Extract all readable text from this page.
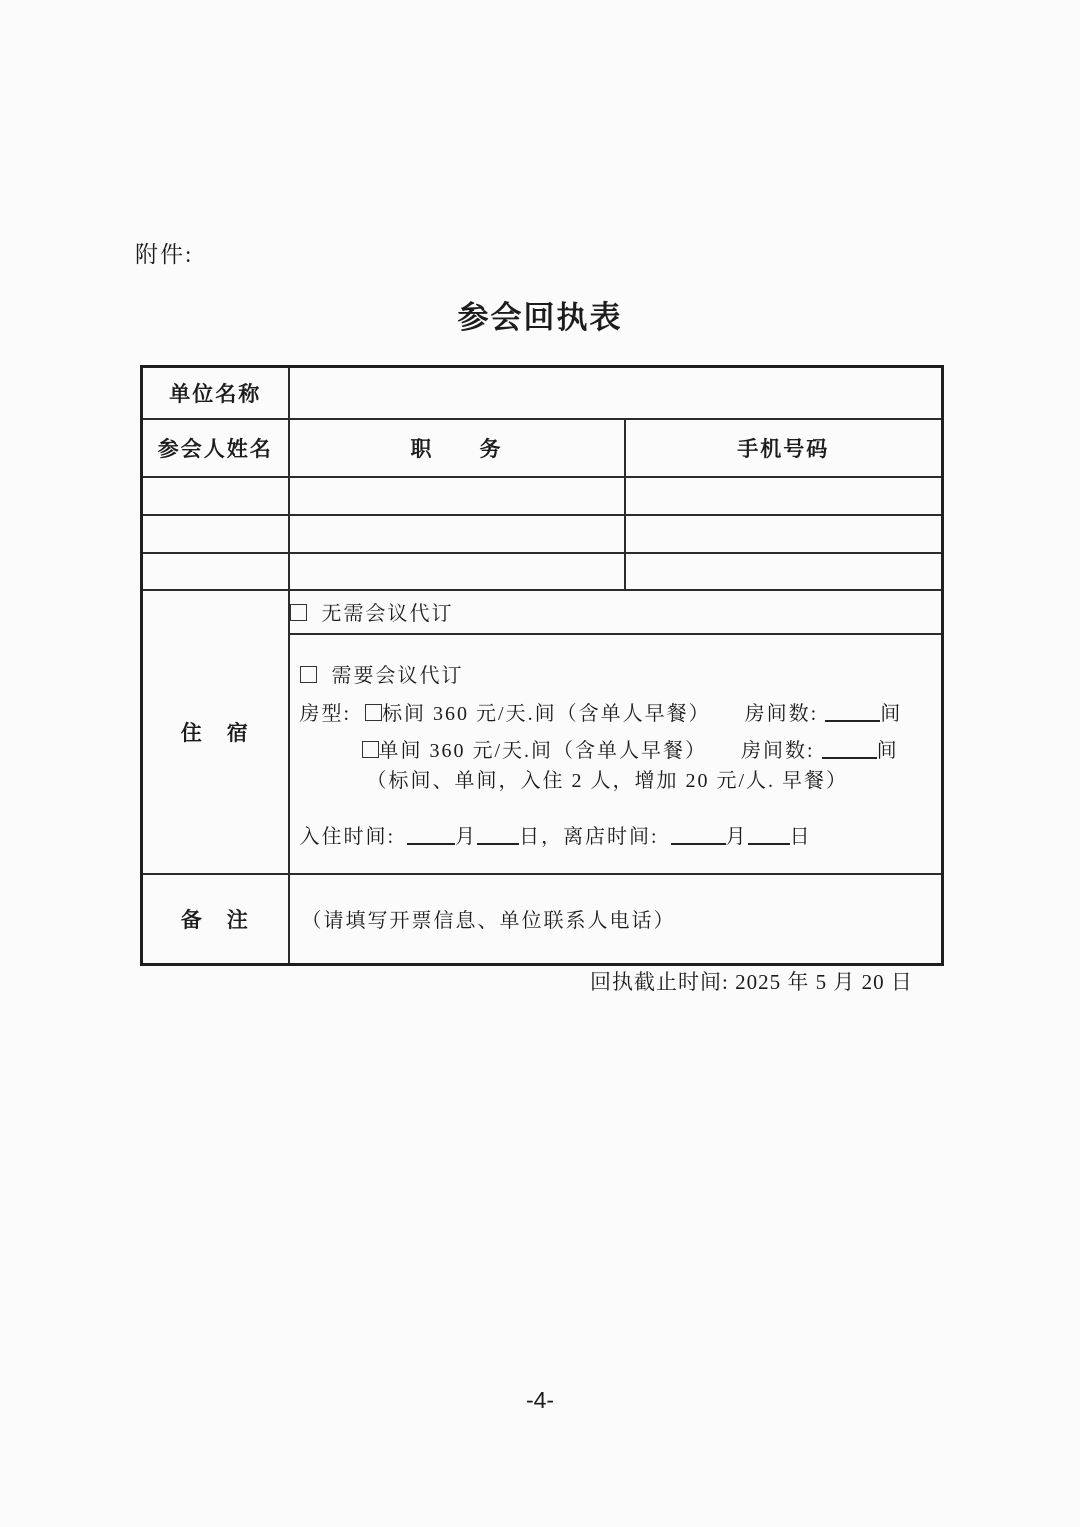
附件:
参会回执表
单位名称		
参会人姓名	职　　务	手机号码

住　宿	无需会议代订	

	需要会议代订
房型: 标间 360 元/天.间（含单人早餐） 房间数: 间
单间 360 元/天.间（含单人早餐） 房间数: 间
（标间、单间，入住 2 人，增加 20 元/人. 早餐）
入住时间: 月 日，离店时间: 月 日	

备　注	（请填写开票信息、单位联系人电话）	
回执截止时间: 2025 年 5 月 20 日
-4-
